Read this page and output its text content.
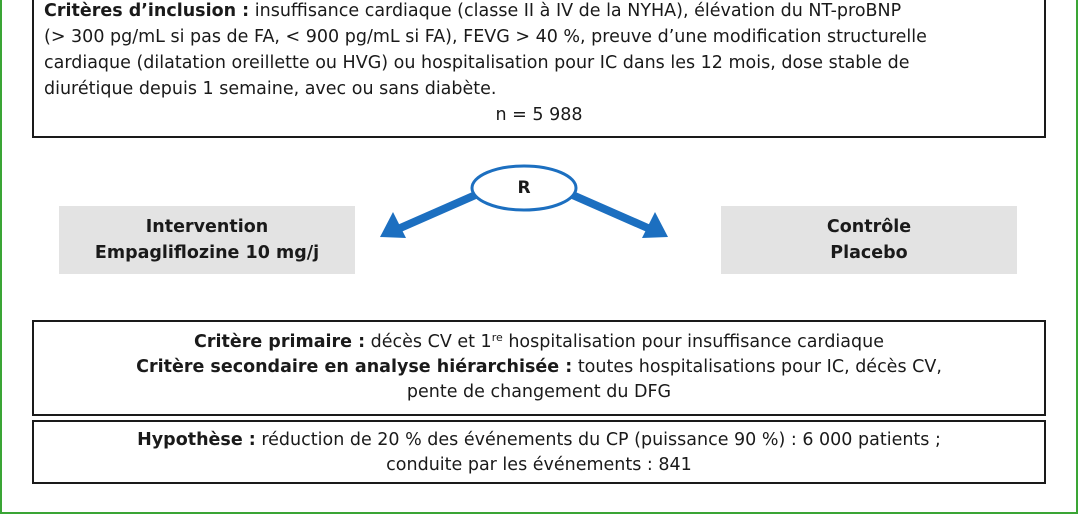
Critères d’inclusion : insuffisance cardiaque (classe II à IV de la NYHA), élévation du NT-proBNP
(> 300 pg/mL si pas de FA, < 900 pg/mL si FA), FEVG > 40 %, preuve d’une modification structurelle
cardiaque (dilatation oreillette ou HVG) ou hospitalisation pour IC dans les 12 mois, dose stable de
diurétique depuis 1 semaine, avec ou sans diabète.
n = 5 988
R
Intervention
Empagliflozine 10 mg/j
Contrôle
Placebo
Critère primaire : décès CV et 1re hospitalisation pour insuffisance cardiaque
Critère secondaire en analyse hiérarchisée : toutes hospitalisations pour IC, décès CV,
pente de changement du DFG
Hypothèse : réduction de 20 % des événements du CP (puissance 90 %) : 6 000 patients ;
conduite par les événements : 841
